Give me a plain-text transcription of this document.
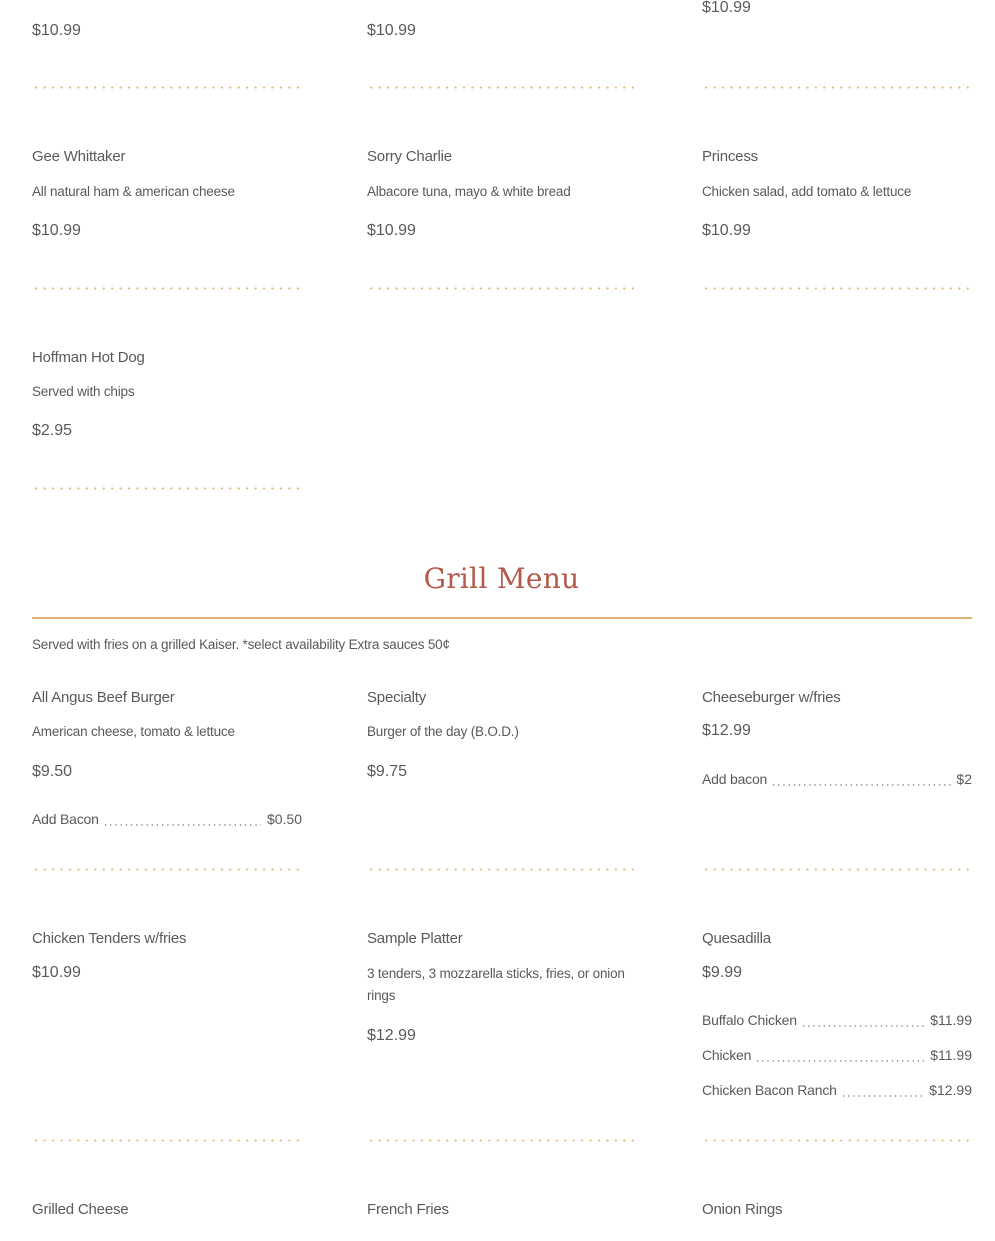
$10.99	$10.99
$10.99
Gee Whittaker
All natural ham & american cheese
$10.99
Sorry Charlie
Albacore tuna, mayo & white bread
$10.99
Princess
Chicken salad, add tomato & lettuce
$10.99
Hoffman Hot Dog
Served with chips
$2.95
Grill Menu
Served with fries on a grilled Kaiser. *select availability Extra sauces 50¢
All Angus Beef Burger
American cheese, tomato & lettuce
$9.50
Add Bacon	$0.50
Specialty
Burger of the day (B.O.D.)
$9.75
Cheeseburger w/fries
$12.99
Add bacon	$2
Chicken Tenders w/fries
$10.99
Sample Platter
3 tenders, 3 mozzarella sticks, fries, or onion
rings
$12.99
Quesadilla
$9.99
Buffalo Chicken	$11.99
Chicken	$11.99
Chicken Bacon Ranch	$12.99
Grilled Cheese	French Fries	Onion Rings
